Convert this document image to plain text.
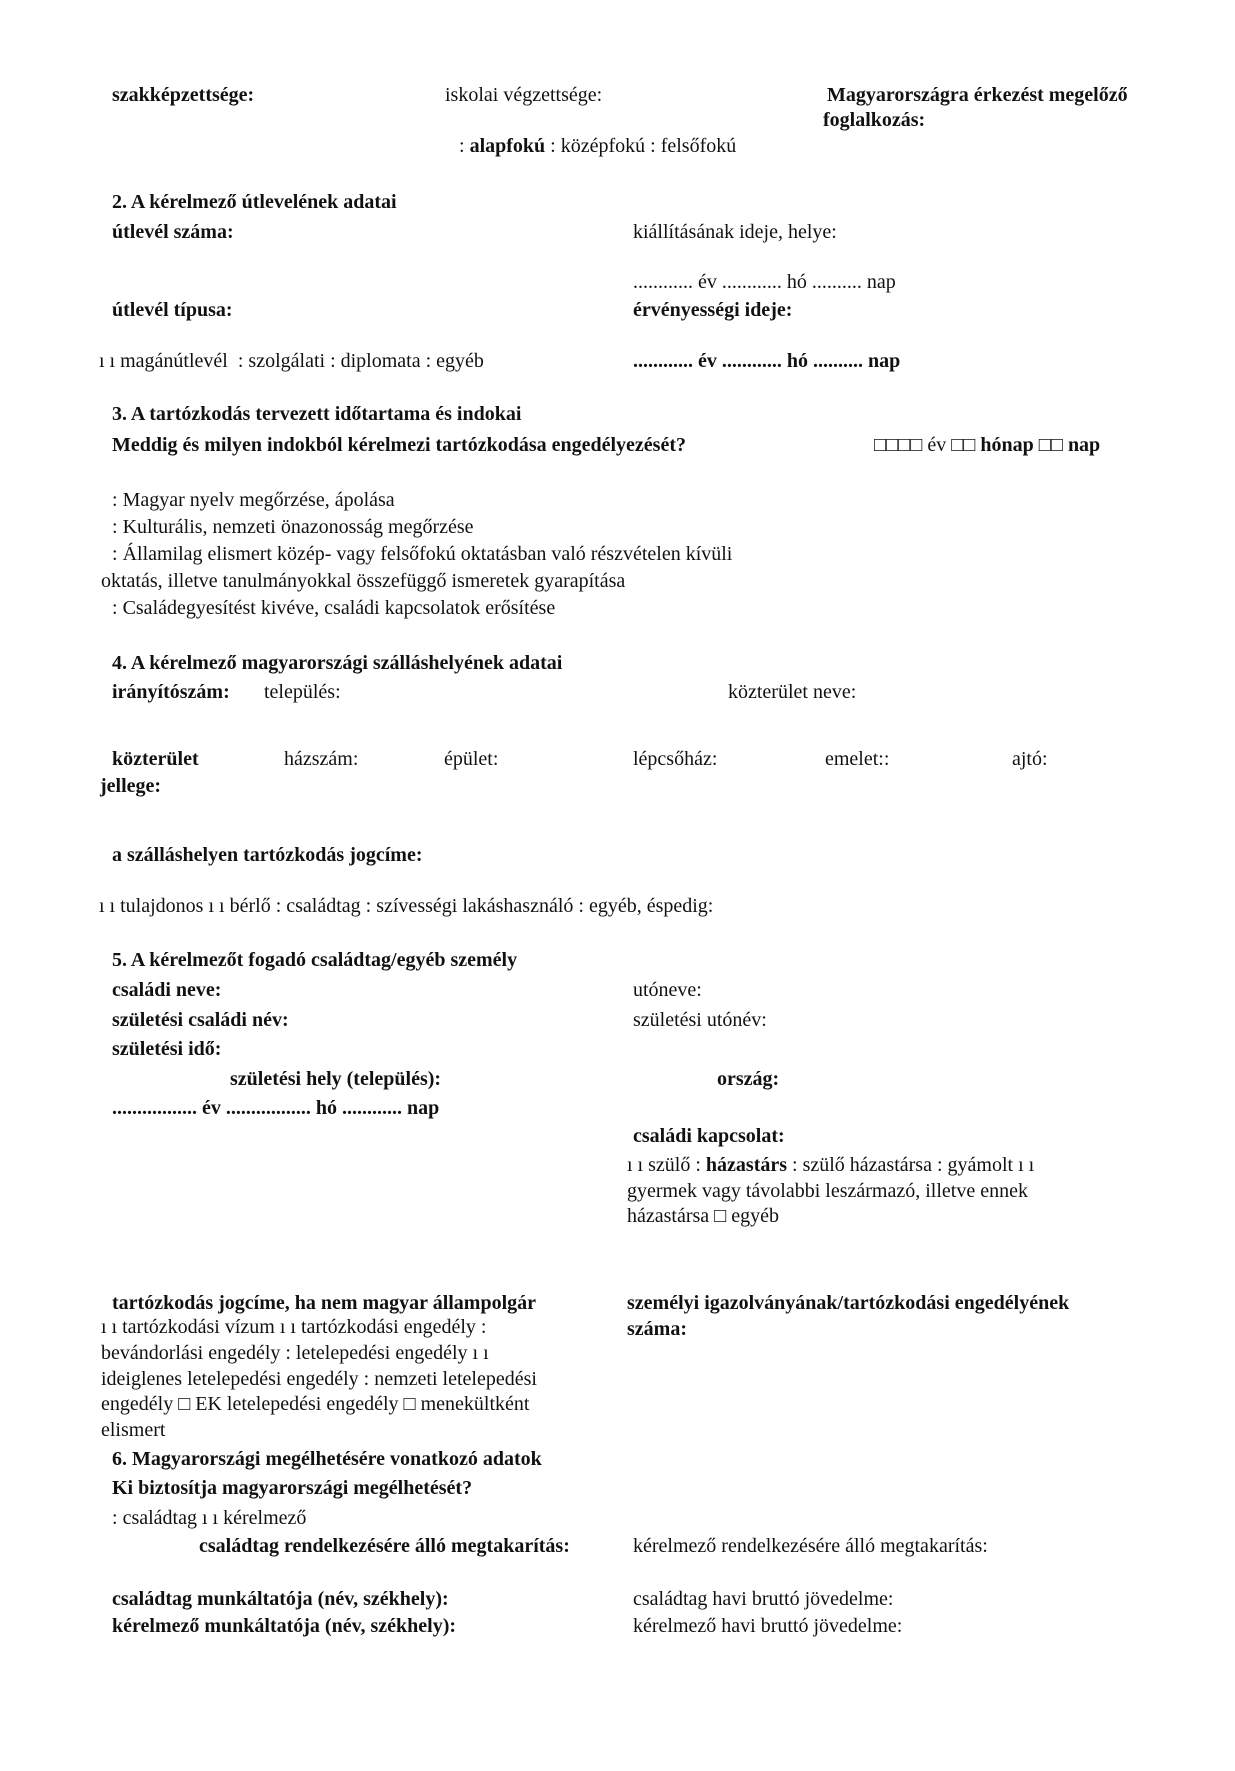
szakképzettsége:	iskolai végzettsége:	Magyarországra érkezést megelőző
foglalkozás:
: alapfokú : középfokú : felsőfokú
2. A kérelmező útlevelének adatai
útlevél száma:	kiállításának ideje, helye:
............ év ............ hó .......... nap
útlevél típusa:	érvényességi ideje:
ı ı magánútlevél : szolgálati : diplomata : egyéb	............ év ............ hó .......... nap
3. A tartózkodás tervezett időtartama és indokai
Meddig és milyen indokból kérelmezi tartózkodása engedélyezését?	□□□□ év □□ hónap □□ nap
: Magyar nyelv megőrzése, ápolása
: Kulturális, nemzeti önazonosság megőrzése
: Államilag elismert közép- vagy felsőfokú oktatásban való részvételen kívüli
oktatás, illetve tanulmányokkal összefüggő ismeretek gyarapítása
: Családegyesítést kivéve, családi kapcsolatok erősítése
4. A kérelmező magyarországi szálláshelyének adatai
irányítószám: település:	közterület neve:
közterület
jellege:
házszám:	épület:	lépcsőház:	emelet::	ajtó:
a szálláshelyen tartózkodás jogcíme:
ı ı tulajdonos ı ı bérlő : családtag : szívességi lakáshasználó : egyéb, éspedig:
5. A kérelmezőt fogadó családtag/egyéb személy
családi neve:	utóneve:
születési családi név:	születési utónév:
születési idő:
születési hely (település):	ország:
................. év ................. hó ............ nap
családi kapcsolat:
ı ı szülő : házastárs : szülő házastársa : gyámolt ı ı
gyermek vagy távolabbi leszármazó, illetve ennek
házastársa □ egyéb
tartózkodás jogcíme, ha nem magyar állampolgár	személyi igazolványának/tartózkodási engedélyének
száma:
ı ı tartózkodási vízum ı ı tartózkodási engedély :
bevándorlási engedély : letelepedési engedély ı ı
ideiglenes letelepedési engedély : nemzeti letelepedési
engedély □ EK letelepedési engedély □ menekültként
elismert
6. Magyarországi megélhetésére vonatkozó adatok
Ki biztosítja magyarországi megélhetését?
: családtag ı ı kérelmező
családtag rendelkezésére álló megtakarítás:	kérelmező rendelkezésére álló megtakarítás:
családtag munkáltatója (név, székhely):	családtag havi bruttó jövedelme:
kérelmező munkáltatója (név, székhely):	kérelmező havi bruttó jövedelme:
